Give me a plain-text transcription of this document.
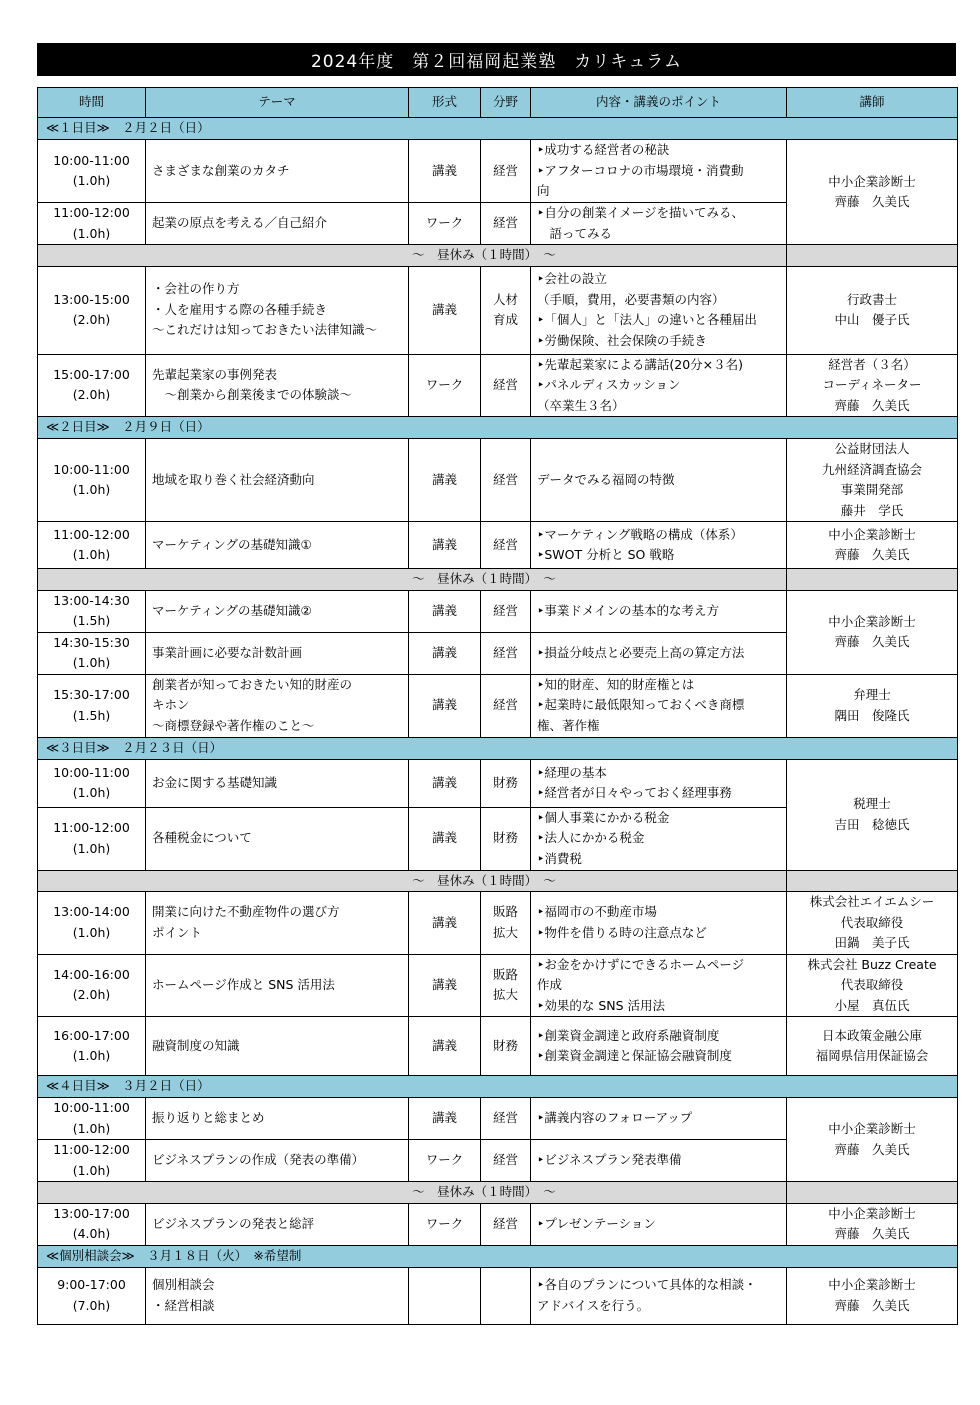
2024年度　第２回福岡起業塾　カリキュラム
時間	テーマ	形式	分野	内容・講義のポイント	講師
≪１日目≫　２月２日（日）					

10:00-11:00
(1.0h)	さまざまな創業のカタチ	講義	経営	‣成功する経営者の秘訣
‣アフターコロナの市場環境・消費動
向	中小企業診断士
齊藤　久美氏

11:00-12:00
(1.0h)	起業の原点を考える／自己紹介	ワーク	経営	‣自分の創業イメージを描いてみる、
　語ってみる	

～　昼休み（１時間）　～					

13:00-15:00
(2.0h)	・会社の作り方
・人を雇用する際の各種手続き
～これだけは知っておきたい法律知識～	講義	人材
育成	‣会社の設立
（手順，費用，必要書類の内容）
‣「個人」と「法人」の違いと各種届出
‣労働保険、社会保険の手続き	行政書士
中山　優子氏

15:00-17:00
(2.0h)	先輩起業家の事例発表
　～創業から創業後までの体験談～	ワーク	経営	‣先輩起業家による講話(20分×３名)
‣パネルディスカッション
（卒業生３名）	経営者（３名）
コーディネーター
齊藤　久美氏

≪２日目≫　２月９日（日）					

10:00-11:00
(1.0h)	地域を取り巻く社会経済動向	講義	経営	データでみる福岡の特徴	公益財団法人
九州経済調査協会
事業開発部
藤井　学氏

11:00-12:00
(1.0h)	マーケティングの基礎知識①	講義	経営	‣マーケティング戦略の構成（体系）
‣SWOT 分析と SO 戦略	中小企業診断士
齊藤　久美氏

～　昼休み（１時間）　～					

13:00-14:30
(1.5h)	マーケティングの基礎知識②	講義	経営	‣事業ドメインの基本的な考え方	中小企業診断士
齊藤　久美氏

14:30-15:30
(1.0h)	事業計画に必要な計数計画	講義	経営	‣損益分岐点と必要売上高の算定方法	

15:30-17:00
(1.5h)	創業者が知っておきたい知的財産の
キホン
～商標登録や著作権のこと～	講義	経営	‣知的財産、知的財産権とは
‣起業時に最低限知っておくべき商標
権、著作権	弁理士
隅田　俊隆氏

≪３日目≫　２月２３日（日）					

10:00-11:00
(1.0h)	お金に関する基礎知識	講義	財務	‣経理の基本
‣経営者が日々やっておく経理事務	税理士
吉田　稔徳氏

11:00-12:00
(1.0h)	各種税金について	講義	財務	‣個人事業にかかる税金
‣法人にかかる税金
‣消費税	

～　昼休み（１時間）　～					

13:00-14:00
(1.0h)	開業に向けた不動産物件の選び方
ポイント	講義	販路
拡大	‣福岡市の不動産市場
‣物件を借りる時の注意点など	株式会社エイエムシー
代表取締役
田鍋　美子氏

14:00-16:00
(2.0h)	ホームページ作成と SNS 活用法	講義	販路
拡大	‣お金をかけずにできるホームページ
作成
‣効果的な SNS 活用法	株式会社 Buzz Create
代表取締役
小屋　真伍氏

16:00-17:00
(1.0h)	融資制度の知識	講義	財務	‣創業資金調達と政府系融資制度
‣創業資金調達と保証協会融資制度	日本政策金融公庫
福岡県信用保証協会

≪４日目≫　３月２日（日）					

10:00-11:00
(1.0h)	振り返りと総まとめ	講義	経営	‣講義内容のフォローアップ	中小企業診断士
齊藤　久美氏

11:00-12:00
(1.0h)	ビジネスプランの作成（発表の準備）	ワーク	経営	‣ビジネスプラン発表準備	

～　昼休み（１時間）　～					

13:00-17:00
(4.0h)	ビジネスプランの発表と総評	ワーク	経営	‣プレゼンテーション	中小企業診断士
齊藤　久美氏

≪個別相談会≫　３月１８日（火）　※希望制					

9:00-17:00
(7.0h)	個別相談会
・経営相談			‣各自のプランについて具体的な相談・
アドバイスを行う。	中小企業診断士
齊藤　久美氏
